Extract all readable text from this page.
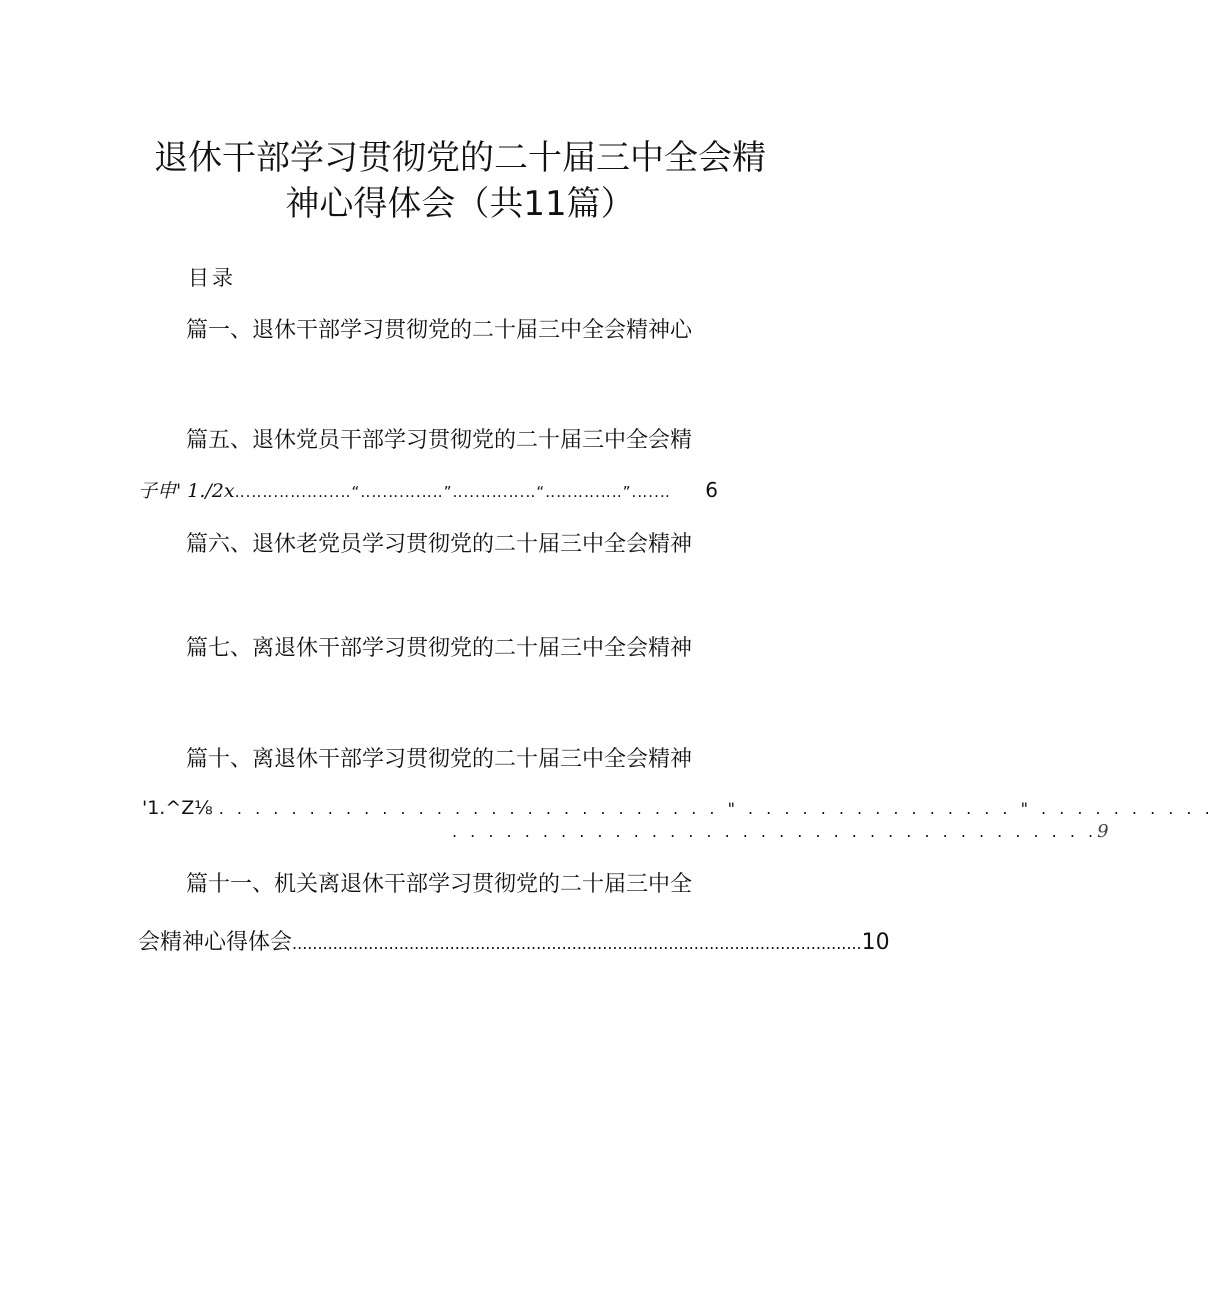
退休干部学习贯彻党的二十届三中全会精
神心得体会（共11篇）
目录
篇一、退休干部学习贯彻党的二十届三中全会精神心
篇五、退休党员干部学习贯彻党的二十届三中全会精
子申' 1./2x ‥.‥‥.‥‥.‥‥..‥“‥‥.‥.‥.‥‥”‥...‥‥.‥.‥“‥‥.‥‥.‥‥”.‥..‥	6
篇六、退休老党员学习贯彻党的二十届三中全会精神
篇七、离退休干部学习贯彻党的二十届三中全会精神
篇十、离退休干部学习贯彻党的二十届三中全会精神
'1.^Z⅛ . . . . . . . . . . . . . . . . . . . . . . . . . . . . " . . . . . . . . . . . . . . . " . . . . . . . . . .
. . . . . . . . . . . . . . . . . . . . . . . . . . . . . . . . . . . . 9
篇十一、机关离退休干部学习贯彻党的二十届三中全
会精神心得体会 ................................................................................................................ 10
